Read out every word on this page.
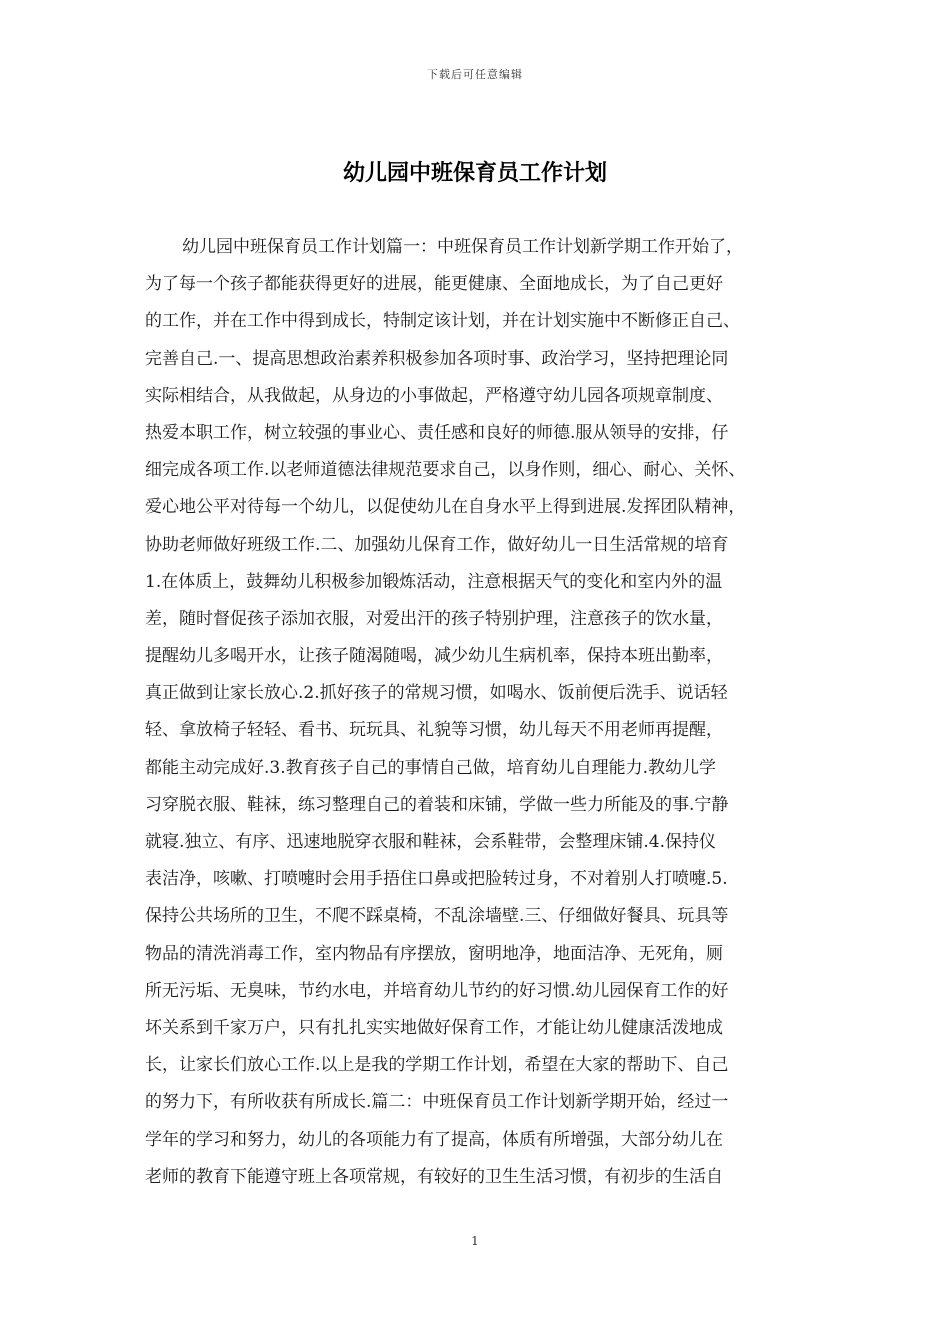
下载后可任意编辑
幼儿园中班保育员工作计划
幼儿园中班保育员工作计划篇一：中班保育员工作计划新学期工作开始了，
为了每一个孩子都能获得更好的进展，能更健康、全面地成长，为了自己更好
的工作，并在工作中得到成长，特制定该计划，并在计划实施中不断修正自己、
完善自己.一、提高思想政治素养积极参加各项时事、政治学习，坚持把理论同
实际相结合，从我做起，从身边的小事做起，严格遵守幼儿园各项规章制度、
热爱本职工作，树立较强的事业心、责任感和良好的师德.服从领导的安排，仔
细完成各项工作.以老师道德法律规范要求自己，以身作则，细心、耐心、关怀、
爱心地公平对待每一个幼儿，以促使幼儿在自身水平上得到进展.发挥团队精神，
协助老师做好班级工作.二、加强幼儿保育工作，做好幼儿一日生活常规的培育
1.在体质上，鼓舞幼儿积极参加锻炼活动，注意根据天气的变化和室内外的温
差，随时督促孩子添加衣服，对爱出汗的孩子特别护理，注意孩子的饮水量，
提醒幼儿多喝开水，让孩子随渴随喝，减少幼儿生病机率，保持本班出勤率，
真正做到让家长放心.2.抓好孩子的常规习惯，如喝水、饭前便后洗手、说话轻
轻、拿放椅子轻轻、看书、玩玩具、礼貌等习惯，幼儿每天不用老师再提醒，
都能主动完成好.3.教育孩子自己的事情自己做，培育幼儿自理能力.教幼儿学
习穿脱衣服、鞋袜，练习整理自己的着装和床铺，学做一些力所能及的事.宁静
就寝.独立、有序、迅速地脱穿衣服和鞋袜，会系鞋带，会整理床铺.4.保持仪
表洁净，咳嗽、打喷嚏时会用手捂住口鼻或把脸转过身，不对着别人打喷嚏.5.
保持公共场所的卫生，不爬不踩桌椅，不乱涂墙壁.三、仔细做好餐具、玩具等
物品的清洗消毒工作，室内物品有序摆放，窗明地净，地面洁净、无死角，厕
所无污垢、无臭味，节约水电，并培育幼儿节约的好习惯.幼儿园保育工作的好
坏关系到千家万户，只有扎扎实实地做好保育工作，才能让幼儿健康活泼地成
长，让家长们放心工作.以上是我的学期工作计划，希望在大家的帮助下、自己
的努力下，有所收获有所成长.篇二：中班保育员工作计划新学期开始，经过一
学年的学习和努力，幼儿的各项能力有了提高，体质有所增强，大部分幼儿在
老师的教育下能遵守班上各项常规，有较好的卫生生活习惯，有初步的生活自
1
